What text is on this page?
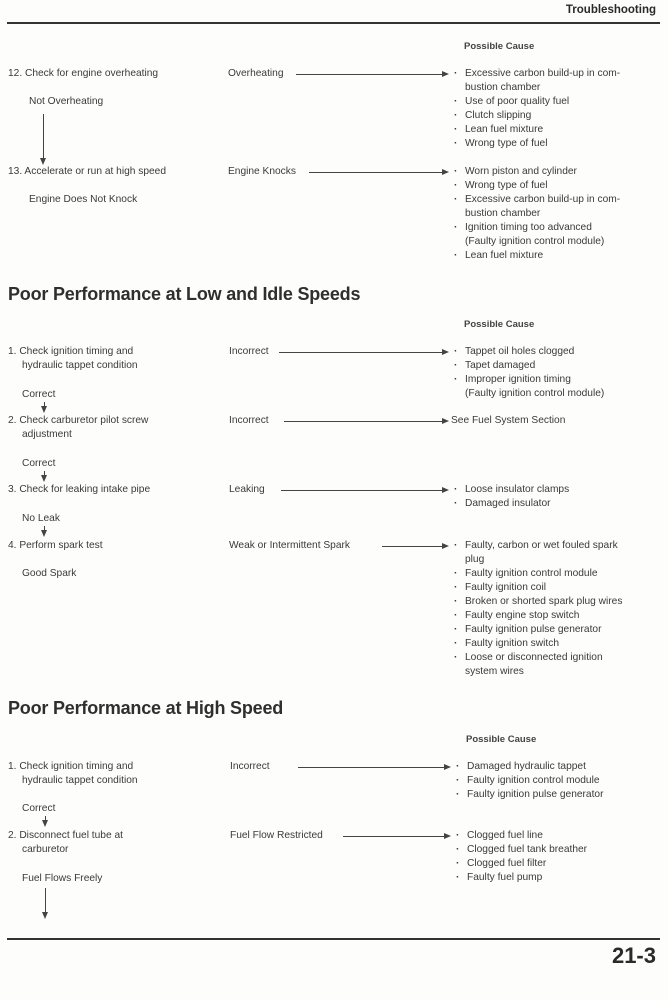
Troubleshooting
Possible Cause
12. Check for engine overheating	Overheating	· Excessive carbon build-up in com-
bustion chamber
· Use of poor quality fuel
· Clutch slipping
· Lean fuel mixture
· Wrong type of fuel
Not Overheating
13. Accelerate or run at high speed	Engine Knocks	· Worn piston and cylinder
· Wrong type of fuel
· Excessive carbon build-up in com-
bustion chamber
· Ignition timing too advanced
(Faulty ignition control module)
· Lean fuel mixture
Engine Does Not Knock
Poor Performance at Low and Idle Speeds
Possible Cause
1. Check ignition timing and
hydraulic tappet condition
Incorrect	· Tappet oil holes clogged
· Tapet damaged
· Improper ignition timing
(Faulty ignition control module)
Correct
2. Check carburetor pilot screw
adjustment
Incorrect	See Fuel System Section
Correct
3. Check for leaking intake pipe	Leaking	· Loose insulator clamps
· Damaged insulator
No Leak
4. Perform spark test	Weak or Intermittent Spark	· Faulty, carbon or wet fouled spark
plug
· Faulty ignition control module
· Faulty ignition coil
· Broken or shorted spark plug wires
· Faulty engine stop switch
· Faulty ignition pulse generator
· Faulty ignition switch
· Loose or disconnected ignition
system wires
Good Spark
Poor Performance at High Speed
Possible Cause
1. Check ignition timing and
hydraulic tappet condition
Incorrect	· Damaged hydraulic tappet
· Faulty ignition control module
· Faulty ignition pulse generator
Correct
2. Disconnect fuel tube at
carburetor
Fuel Flow Restricted	· Clogged fuel line
· Clogged fuel tank breather
· Clogged fuel filter
· Faulty fuel pump
Fuel Flows Freely
21-3
